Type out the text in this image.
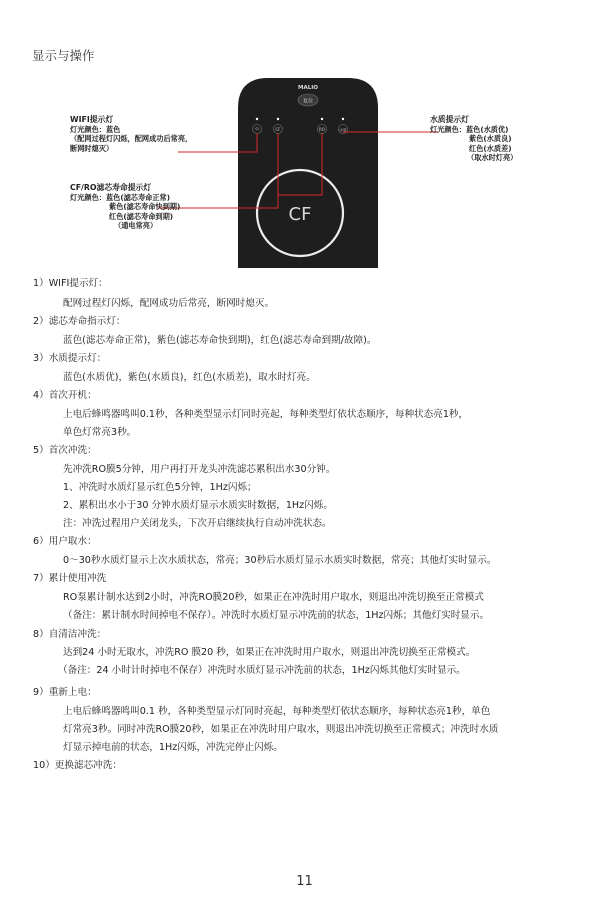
显示与操作
复位
MALIO
CF	RO	水质
CF
WIFI提示灯
灯光颜色：蓝色
（配网过程灯闪烁，配网成功后常亮，
断网时熄灭）
水质提示灯
灯光颜色：蓝色(水质优)
紫色(水质良)
红色(水质差)
（取水时灯亮）
CF/RO滤芯寿命提示灯
灯光颜色：蓝色(滤芯寿命正常)
紫色(滤芯寿命快到期)
红色(滤芯寿命到期)
（通电常亮）
1）WIFI提示灯：
配网过程灯闪烁，配网成功后常亮，断网时熄灭。
2）滤芯寿命指示灯：
蓝色(滤芯寿命正常)，紫色(滤芯寿命快到期)，红色(滤芯寿命到期/故障)。
3）水质提示灯：
蓝色(水质优)，紫色(水质良)，红色(水质差)，取水时灯亮。
4）首次开机：
上电后蜂鸣器鸣叫0.1秒，各种类型显示灯同时亮起，每种类型灯依状态顺序，每种状态亮1秒，
单色灯常亮3秒。
5）首次冲洗：
先冲洗RO膜5分钟，用户再打开龙头冲洗滤芯累积出水30分钟。
1、冲洗时水质灯显示红色5分钟，1Hz闪烁；
2、累积出水小于30 分钟水质灯显示水质实时数据，1Hz闪烁。
注：冲洗过程用户关闭龙头，下次开启继续执行自动冲洗状态。
6）用户取水：
0～30秒水质灯显示上次水质状态，常亮；30秒后水质灯显示水质实时数据，常亮；其他灯实时显示。
7）累计使用冲洗
RO泵累计制水达到2小时，冲洗RO膜20秒，如果正在冲洗时用户取水，则退出冲洗切换至正常模式
（备注：累计制水时间掉电不保存）。冲洗时水质灯显示冲洗前的状态，1Hz闪烁；其他灯实时显示。
8）自清洁冲洗：
达到24 小时无取水，冲洗RO 膜20 秒，如果正在冲洗时用户取水，则退出冲洗切换至正常模式。
（备注：24 小时计时掉电不保存）冲洗时水质灯显示冲洗前的状态，1Hz闪烁其他灯实时显示。
9）重新上电：
上电后蜂鸣器鸣叫0.1 秒，各种类型显示灯同时亮起，每种类型灯依状态顺序，每种状态亮1秒，单色
灯常亮3秒。同时冲洗RO膜20秒，如果正在冲洗时用户取水，则退出冲洗切换至正常模式；冲洗时水质
灯显示掉电前的状态，1Hz闪烁，冲洗完停止闪烁。
10）更换滤芯冲洗：
11
